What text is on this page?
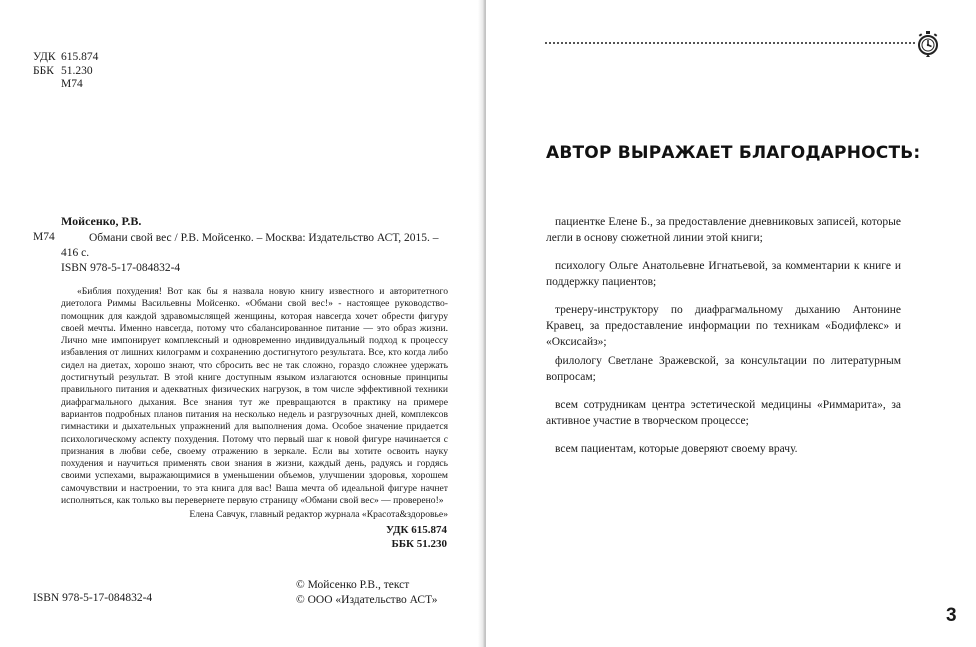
УДК 615.874
ББК 51.230
М74
Мойсенко, Р.В.
М74	Обмани свой вес / Р.В. Мойсенко. – Москва: Издательство АСТ, 2015. – 416 с.
ISBN 978-5-17-084832-4
«Библия похудения! Вот как бы я назвала новую книгу известного и авторитетного диетолога Риммы Васильевны Мойсенко. «Обмани свой вес!» - настоящее руководство-помощник для каждой здравомыслящей женщины, которая навсегда хочет обрести фигуру своей мечты. Именно навсегда, потому что сбалансированное питание — это образ жизни. Лично мне импонирует комплексный и одновременно индивидуальный подход к процессу избавления от лишних килограмм и сохранению достигнутого результата. Все, кто когда либо сидел на диетах, хорошо знают, что сбросить вес не так сложно, гораздо сложнее удержать достигнутый результат. В этой книге доступным языком излагаются основные принципы правильного питания и адекватных физических нагрузок, в том числе эффективной техники диафрагмального дыхания. Все знания тут же превращаются в практику на примере вариантов подробных планов питания на несколько недель и разгрузочных дней, комплексов гимнастики и дыхательных упражнений для выполнения дома. Особое значение придается психологическому аспекту похудения. Потому что первый шаг к новой фигуре начинается с признания в любви себе, своему отражению в зеркале. Если вы хотите освоить науку похудения и научиться применять свои знания в жизни, каждый день, радуясь и гордясь своими успехами, выражающимися в уменьшении объемов, улучшении здоровья, хорошем самочувствии и настроении, то эта книга для вас! Ваша мечта об идеальной фигуре начнет исполняться, как только вы перевернете первую страницу «Обмани свой вес» — проверено!»
Елена Савчук, главный редактор журнала «Красота&здоровье»
УДК 615.874
ББК 51.230
ISBN 978-5-17-084832-4
© Мойсенко Р.В., текст
© ООО «Издательство АСТ»
АВТОР ВЫРАЖАЕТ БЛАГОДАРНОСТЬ:
пациентке Елене Б., за предоставление дневниковых записей, которые легли в основу сюжетной линии этой книги;
психологу Ольге Анатольевне Игнатьевой, за комментарии к книге и поддержку пациентов;
тренеру-инструктору по диафрагмальному дыханию Антонине Кравец, за предоставление информации по техникам «Бодифлекс» и «Оксисайз»;
филологу Светлане Зражевской, за консультации по литературным вопросам;
всем сотрудникам центра эстетической медицины «Риммарита», за активное участие в творческом процессе;
всем пациентам, которые доверяют своему врачу.
3
